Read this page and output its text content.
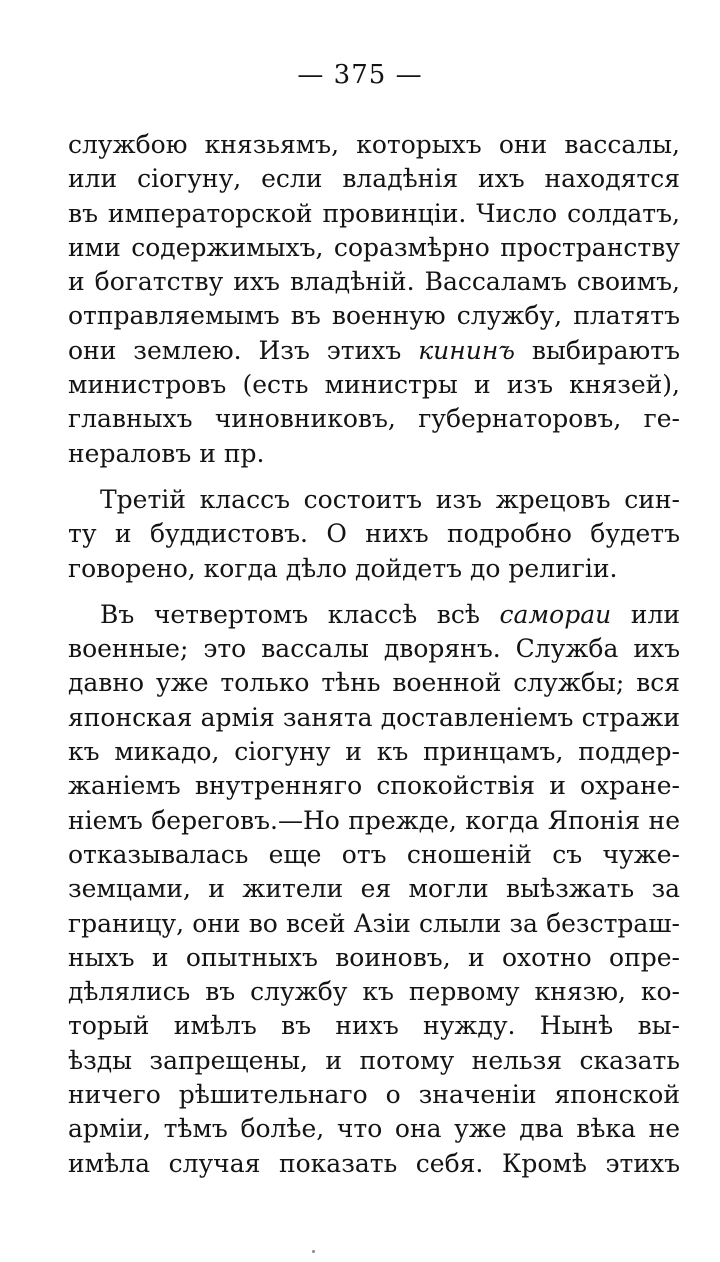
— 375 —

службою князьямъ, которыхъ они вассалы,
или сіогуну, если владѣнія ихъ находятся
въ императорской провинціи. Число солдатъ,
ими содержимыхъ, соразмѣрно пространству
и богатству ихъ владѣній. Вассаламъ своимъ,
отправляемымъ въ военную службу, платятъ
они землею. Изъ этихъ кининъ выбираютъ
министровъ (есть министры и изъ князей),
главныхъ чиновниковъ, губернаторовъ, ге-
нераловъ и пр.

Третій классъ состоитъ изъ жрецовъ син-
ту и буддистовъ. О нихъ подробно будетъ
говорено, когда дѣло дойдетъ до религіи.

Въ четвертомъ классѣ всѣ самораи или
военные; это вассалы дворянъ. Служба ихъ
давно уже только тѣнь военной службы; вся
японская армія занята доставленіемъ стражи
къ микадо, сіогуну и къ принцамъ, поддер-
жаніемъ внутренняго спокойствія и охране-
ніемъ береговъ.—Но прежде, когда Японія не
отказывалась еще отъ сношеній съ чуже-
земцами, и жители ея могли выѣзжать за
границу, они во всей Азіи слыли за безстраш-
ныхъ и опытныхъ воиновъ, и охотно опре-
дѣлялись въ службу къ первому князю, ко-
торый имѣлъ въ нихъ нужду. Нынѣ вы-
ѣзды запрещены, и потому нельзя сказать
ничего рѣшительнаго о значеніи японской
арміи, тѣмъ болѣе, что она уже два вѣка не
имѣла случая показать себя. Кромѣ этихъ
